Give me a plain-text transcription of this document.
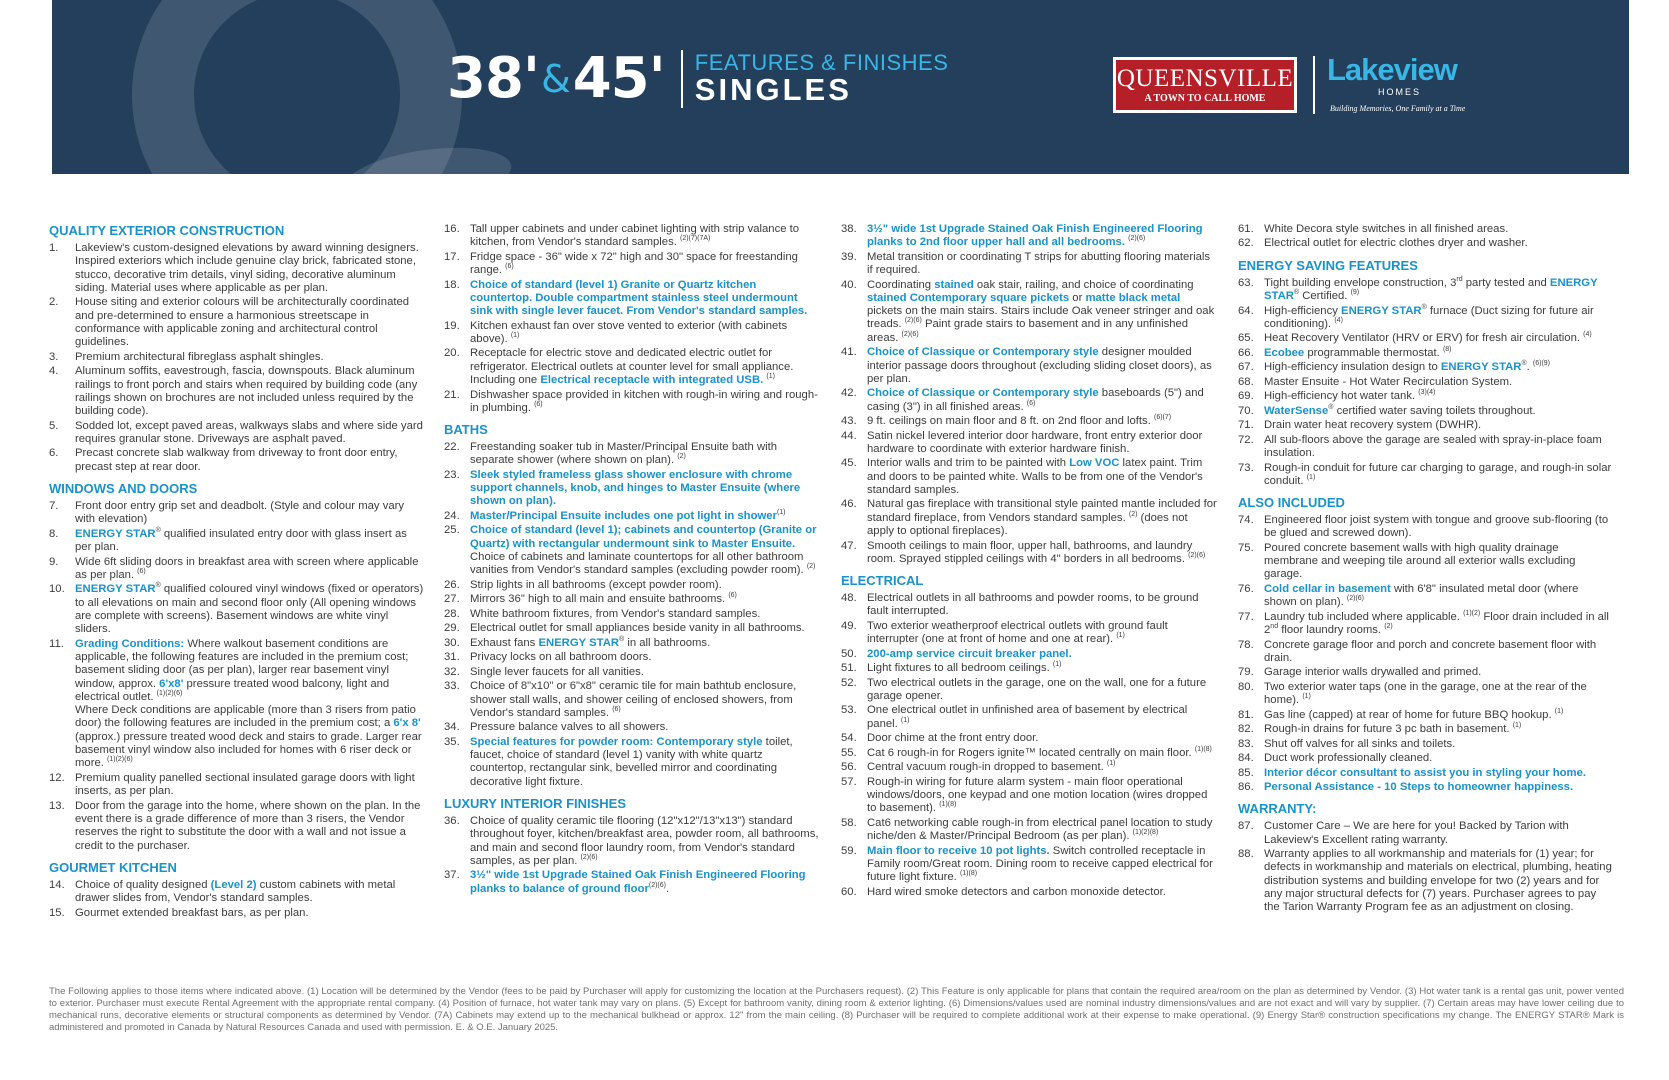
38' & 45' FEATURES & FINISHES
SINGLES	QUEENSVILLE
A TOWN TO CALL HOME
Lakeview
HOMES
Building Memories, One Family at a Time
QUALITY EXTERIOR CONSTRUCTION
1.	Lakeview's custom-designed elevations by award winning designers. Inspired exteriors which include genuine clay brick, fabricated stone, stucco, decorative trim details, vinyl siding, decorative aluminum siding. Material uses where applicable as per plan.
2.	House siting and exterior colours will be architecturally coordinated and pre-determined to ensure a harmonious streetscape in conformance with applicable zoning and architectural control guidelines.
3.	Premium architectural fibreglass asphalt shingles.
4.	Aluminum soffits, eavestrough, fascia, downspouts. Black aluminum railings to front porch and stairs when required by building code (any railings shown on brochures are not included unless required by the building code).
5.	Sodded lot, except paved areas, walkways slabs and where side yard requires granular stone. Driveways are asphalt paved.
6.	Precast concrete slab walkway from driveway to front door entry, precast step at rear door.
WINDOWS AND DOORS
7.	Front door entry grip set and deadbolt. (Style and colour may vary with elevation)
8.	ENERGY STAR® qualified insulated entry door with glass insert as per plan.
9.	Wide 6ft sliding doors in breakfast area with screen where applicable as per plan. $^{(6)}$
10. ENERGY STAR® qualified coloured vinyl windows (fixed or operators) to all elevations on main and second floor only (All opening windows are complete with screens). Basement windows are white vinyl sliders.
11. Grading Conditions: Where walkout basement conditions are applicable, the following features are included in the premium cost; basement sliding door (as per plan), larger rear basement vinyl window, approx. 6'x8' pressure treated wood balcony, light and electrical outlet. $^{(1)(2)(6)}$
Where Deck conditions are applicable (more than 3 risers from patio door) the following features are included in the premium cost; a 6'x 8' (approx.) pressure treated wood deck and stairs to grade. Larger rear basement vinyl window also included for homes with 6 riser deck or more. $^{(1)(2)(6)}$
12. Premium quality panelled sectional insulated garage doors with light inserts, as per plan.
13. Door from the garage into the home, where shown on the plan. In the event there is a grade difference of more than 3 risers, the Vendor reserves the right to substitute the door with a wall and not issue a credit to the purchaser.
GOURMET KITCHEN
14. Choice of quality designed (Level 2) custom cabinets with metal drawer slides from, Vendor's standard samples.
15. Gourmet extended breakfast bars, as per plan.
16. Tall upper cabinets and under cabinet lighting with strip valance to kitchen, from Vendor's standard samples. $^{(2)(7)(7A)}$
17. Fridge space - 36" wide x 72" high and 30" space for freestanding range. $^{(6)}$
18. Choice of standard (level 1) Granite or Quartz kitchen countertop. Double compartment stainless steel undermount sink with single lever faucet. From Vendor's standard samples.
19. Kitchen exhaust fan over stove vented to exterior (with cabinets above). $^{(1)}$
20. Receptacle for electric stove and dedicated electric outlet for refrigerator. Electrical outlets at counter level for small appliance. Including one Electrical receptacle with integrated USB. $^{(1)}$
21. Dishwasher space provided in kitchen with rough-in wiring and rough-in plumbing. $^{(6)}$
BATHS
22. Freestanding soaker tub in Master/Principal Ensuite bath with separate shower (where shown on plan). $^{(2)}$
23. Sleek styled frameless glass shower enclosure with chrome support channels, knob, and hinges to Master Ensuite (where shown on plan).
24. Master/Principal Ensuite includes one pot light in shower$^{(1)}$
25. Choice of standard (level 1); cabinets and countertop (Granite or Quartz) with rectangular undermount sink to Master Ensuite. Choice of cabinets and laminate countertops for all other bathroom vanities from Vendor's standard samples (excluding powder room). $^{(2)}$
26. Strip lights in all bathrooms (except powder room).
27. Mirrors 36" high to all main and ensuite bathrooms. $^{(6)}$
28. White bathroom fixtures, from Vendor's standard samples.
29. Electrical outlet for small appliances beside vanity in all bathrooms.
30. Exhaust fans ENERGY STAR® in all bathrooms.
31. Privacy locks on all bathroom doors.
32. Single lever faucets for all vanities.
33. Choice of 8"x10" or 6"x8" ceramic tile for main bathtub enclosure, shower stall walls, and shower ceiling of enclosed showers, from Vendor's standard samples. $^{(6)}$
34. Pressure balance valves to all showers.
35. Special features for powder room: Contemporary style toilet, faucet, choice of standard (level 1) vanity with white quartz countertop, rectangular sink, bevelled mirror and coordinating decorative light fixture.
LUXURY INTERIOR FINISHES
36. Choice of quality ceramic tile flooring (12"x12"/13"x13") standard throughout foyer, kitchen/breakfast area, powder room, all bathrooms, and main and second floor laundry room, from Vendor's standard samples, as per plan. $^{(2)(6)}$
37. 3½" wide 1st Upgrade Stained Oak Finish Engineered Flooring planks to balance of ground floor$^{(2)(6)}$.
38. 3½" wide 1st Upgrade Stained Oak Finish Engineered Flooring planks to 2nd floor upper hall and all bedrooms. $^{(2)(6)}$
39. Metal transition or coordinating T strips for abutting flooring materials if required.
40. Coordinating stained oak stair, railing, and choice of coordinating stained Contemporary square pickets or matte black metal pickets on the main stairs. Stairs include Oak veneer stringer and oak treads. $^{(2)(6)}$ Paint grade stairs to basement and in any unfinished areas. $^{(2)(6)}$
41. Choice of Classique or Contemporary style designer moulded interior passage doors throughout (excluding sliding closet doors), as per plan.
42. Choice of Classique or Contemporary style baseboards (5") and casing (3") in all finished areas. $^{(6)}$
43. 9 ft. ceilings on main floor and 8 ft. on 2nd floor and lofts. $^{(6)(7)}$
44. Satin nickel levered interior door hardware, front entry exterior door hardware to coordinate with exterior hardware finish.
45. Interior walls and trim to be painted with Low VOC latex paint. Trim and doors to be painted white. Walls to be from one of the Vendor's standard samples.
46. Natural gas fireplace with transitional style painted mantle included for standard fireplace, from Vendors standard samples. $^{(2)}$ (does not apply to optional fireplaces).
47. Smooth ceilings to main floor, upper hall, bathrooms, and laundry room. Sprayed stippled ceilings with 4" borders in all bedrooms. $^{(2)(6)}$
ELECTRICAL
48. Electrical outlets in all bathrooms and powder rooms, to be ground fault interrupted.
49. Two exterior weatherproof electrical outlets with ground fault interrupter (one at front of home and one at rear). $^{(1)}$
50. 200-amp service circuit breaker panel.
51. Light fixtures to all bedroom ceilings. $^{(1)}$
52. Two electrical outlets in the garage, one on the wall, one for a future garage opener.
53. One electrical outlet in unfinished area of basement by electrical panel. $^{(1)}$
54. Door chime at the front entry door.
55. Cat 6 rough-in for Rogers ignite™ located centrally on main floor. $^{(1)(8)}$
56. Central vacuum rough-in dropped to basement. $^{(1)}$
57. Rough-in wiring for future alarm system - main floor operational windows/doors, one keypad and one motion location (wires dropped to basement). $^{(1)(8)}$
58. Cat6 networking cable rough-in from electrical panel location to study niche/den & Master/Principal Bedroom (as per plan). $^{(1)(2)(8)}$
59. Main floor to receive 10 pot lights. Switch controlled receptacle in Family room/Great room. Dining room to receive capped electrical for future light fixture. $^{(1)(8)}$
60. Hard wired smoke detectors and carbon monoxide detector.
61. White Decora style switches in all finished areas.
62. Electrical outlet for electric clothes dryer and washer.
ENERGY SAVING FEATURES
63. Tight building envelope construction, 3rd party tested and ENERGY STAR® Certified. $^{(9)}$
64. High-efficiency ENERGY STAR® furnace (Duct sizing for future air conditioning). $^{(4)}$
65. Heat Recovery Ventilator (HRV or ERV) for fresh air circulation. $^{(4)}$
66. Ecobee programmable thermostat. $^{(8)}$
67. High-efficiency insulation design to ENERGY STAR®. $^{(6)(9)}$
68. Master Ensuite - Hot Water Recirculation System.
69. High-efficiency hot water tank. $^{(3)(4)}$
70. WaterSense® certified water saving toilets throughout.
71. Drain water heat recovery system (DWHR).
72. All sub-floors above the garage are sealed with spray-in-place foam insulation.
73. Rough-in conduit for future car charging to garage, and rough-in solar conduit. $^{(1)}$
ALSO INCLUDED
74. Engineered floor joist system with tongue and groove sub-flooring (to be glued and screwed down).
75. Poured concrete basement walls with high quality drainage membrane and weeping tile around all exterior walls excluding garage.
76. Cold cellar in basement with 6'8" insulated metal door (where shown on plan). $^{(2)(6)}$
77. Laundry tub included where applicable. $^{(1)(2)}$ Floor drain included in all 2nd floor laundry rooms. $^{(2)}$
78. Concrete garage floor and porch and concrete basement floor with drain.
79. Garage interior walls drywalled and primed.
80. Two exterior water taps (one in the garage, one at the rear of the home). $^{(1)}$
81. Gas line (capped) at rear of home for future BBQ hookup. $^{(1)}$
82. Rough-in drains for future 3 pc bath in basement. $^{(1)}$
83. Shut off valves for all sinks and toilets.
84. Duct work professionally cleaned.
85. Interior décor consultant to assist you in styling your home.
86. Personal Assistance - 10 Steps to homeowner happiness.
WARRANTY:
87. Customer Care – We are here for you! Backed by Tarion with Lakeview's Excellent rating warranty.
88. Warranty applies to all workmanship and materials for (1) year; for defects in workmanship and materials on electrical, plumbing, heating distribution systems and building envelope for two (2) years and for any major structural defects for (7) years. Purchaser agrees to pay the Tarion Warranty Program fee as an adjustment on closing.
The Following applies to those items where indicated above. (1) Location will be determined by the Vendor (fees to be paid by Purchaser will apply for customizing the location at the Purchasers request). (2) This Feature is only applicable for plans that contain the required area/room on the plan as determined by Vendor. (3) Hot water tank is a rental gas unit, power vented to exterior. Purchaser must execute Rental Agreement with the appropriate rental company. (4) Position of furnace, hot water tank may vary on plans. (5) Except for bathroom vanity, dining room & exterior lighting. (6) Dimensions/values used are nominal industry dimensions/values and are not exact and will vary by supplier. (7) Certain areas may have lower ceiling due to mechanical runs, decorative elements or structural components as determined by Vendor. (7A) Cabinets may extend up to the mechanical bulkhead or approx. 12" from the main ceiling. (8) Purchaser will be required to complete additional work at their expense to make operational. (9) Energy Star® construction specifications my change. The ENERGY STAR® Mark is administered and promoted in Canada by Natural Resources Canada and used with permission. E. & O.E. January 2025.
